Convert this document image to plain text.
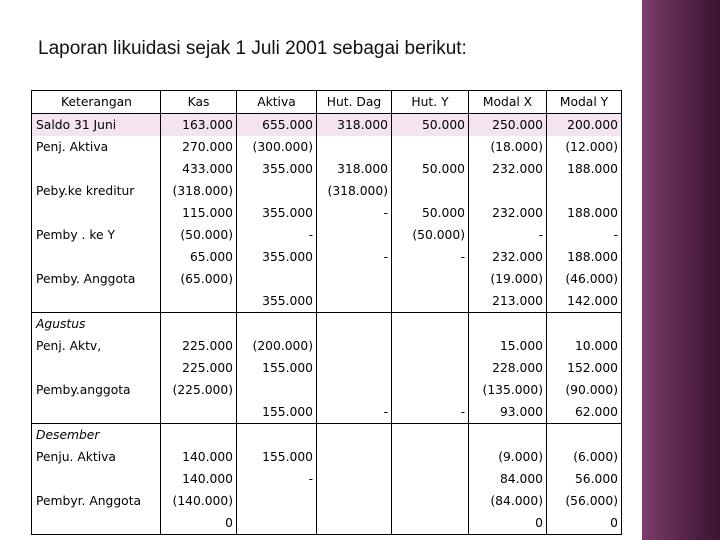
Laporan likuidasi sejak 1 Juli 2001 sebagai berikut:
Keterangan	Kas	Aktiva	Hut. Dag	Hut. Y	Modal X	Modal Y
Saldo 31 Juni	163.000	655.000	318.000	50.000	250.000	200.000
Penj. Aktiva	270.000	(300.000)			(18.000)	(12.000)
	433.000	355.000	318.000	50.000	232.000	188.000
Peby.ke kreditur	(318.000)		(318.000)			
	115.000	355.000	-	50.000	232.000	188.000
Pemby . ke Y	(50.000)	-		(50.000)	-	-
	65.000	355.000	-	-	232.000	188.000
Pemby. Anggota	(65.000)				(19.000)	(46.000)
		355.000			213.000	142.000
Agustus						
Penj. Aktv,	225.000	(200.000)			15.000	10.000
	225.000	155.000			228.000	152.000
Pemby.anggota	(225.000)				(135.000)	(90.000)
		155.000	-	-	93.000	62.000
Desember						
Penju. Aktiva	140.000	155.000			(9.000)	(6.000)
	140.000	-			84.000	56.000
Pembyr. Anggota	(140.000)				(84.000)	(56.000)
	0				0	0
